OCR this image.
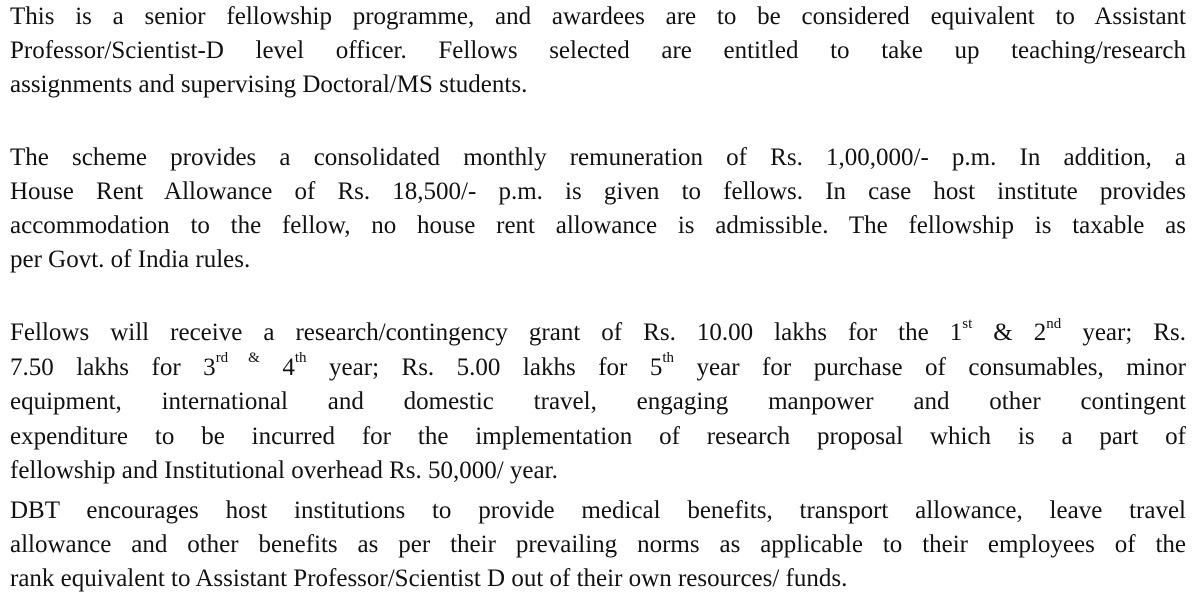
This is a senior fellowship programme, and awardees are to be considered equivalent to Assistant
Professor/Scientist-D level officer. Fellows selected are entitled to take up teaching/research
assignments and supervising Doctoral/MS students.
The scheme provides a consolidated monthly remuneration of Rs. 1,00,000/- p.m. In addition, a
House Rent Allowance of Rs. 18,500/- p.m. is given to fellows. In case host institute provides
accommodation to the fellow, no house rent allowance is admissible. The fellowship is taxable as
per Govt. of India rules.
Fellows will receive a research/contingency grant of Rs. 10.00 lakhs for the 1st & 2nd year; Rs.
7.50 lakhs for $3^{rd \&}$ 4th year; Rs. 5.00 lakhs for 5th year for purchase of consumables, minor
equipment, international and domestic travel, engaging manpower and other contingent
expenditure to be incurred for the implementation of research proposal which is a part of
fellowship and Institutional overhead Rs. 50,000/ year.
DBT encourages host institutions to provide medical benefits, transport allowance, leave travel
allowance and other benefits as per their prevailing norms as applicable to their employees of the
rank equivalent to Assistant Professor/Scientist D out of their own resources/ funds.
